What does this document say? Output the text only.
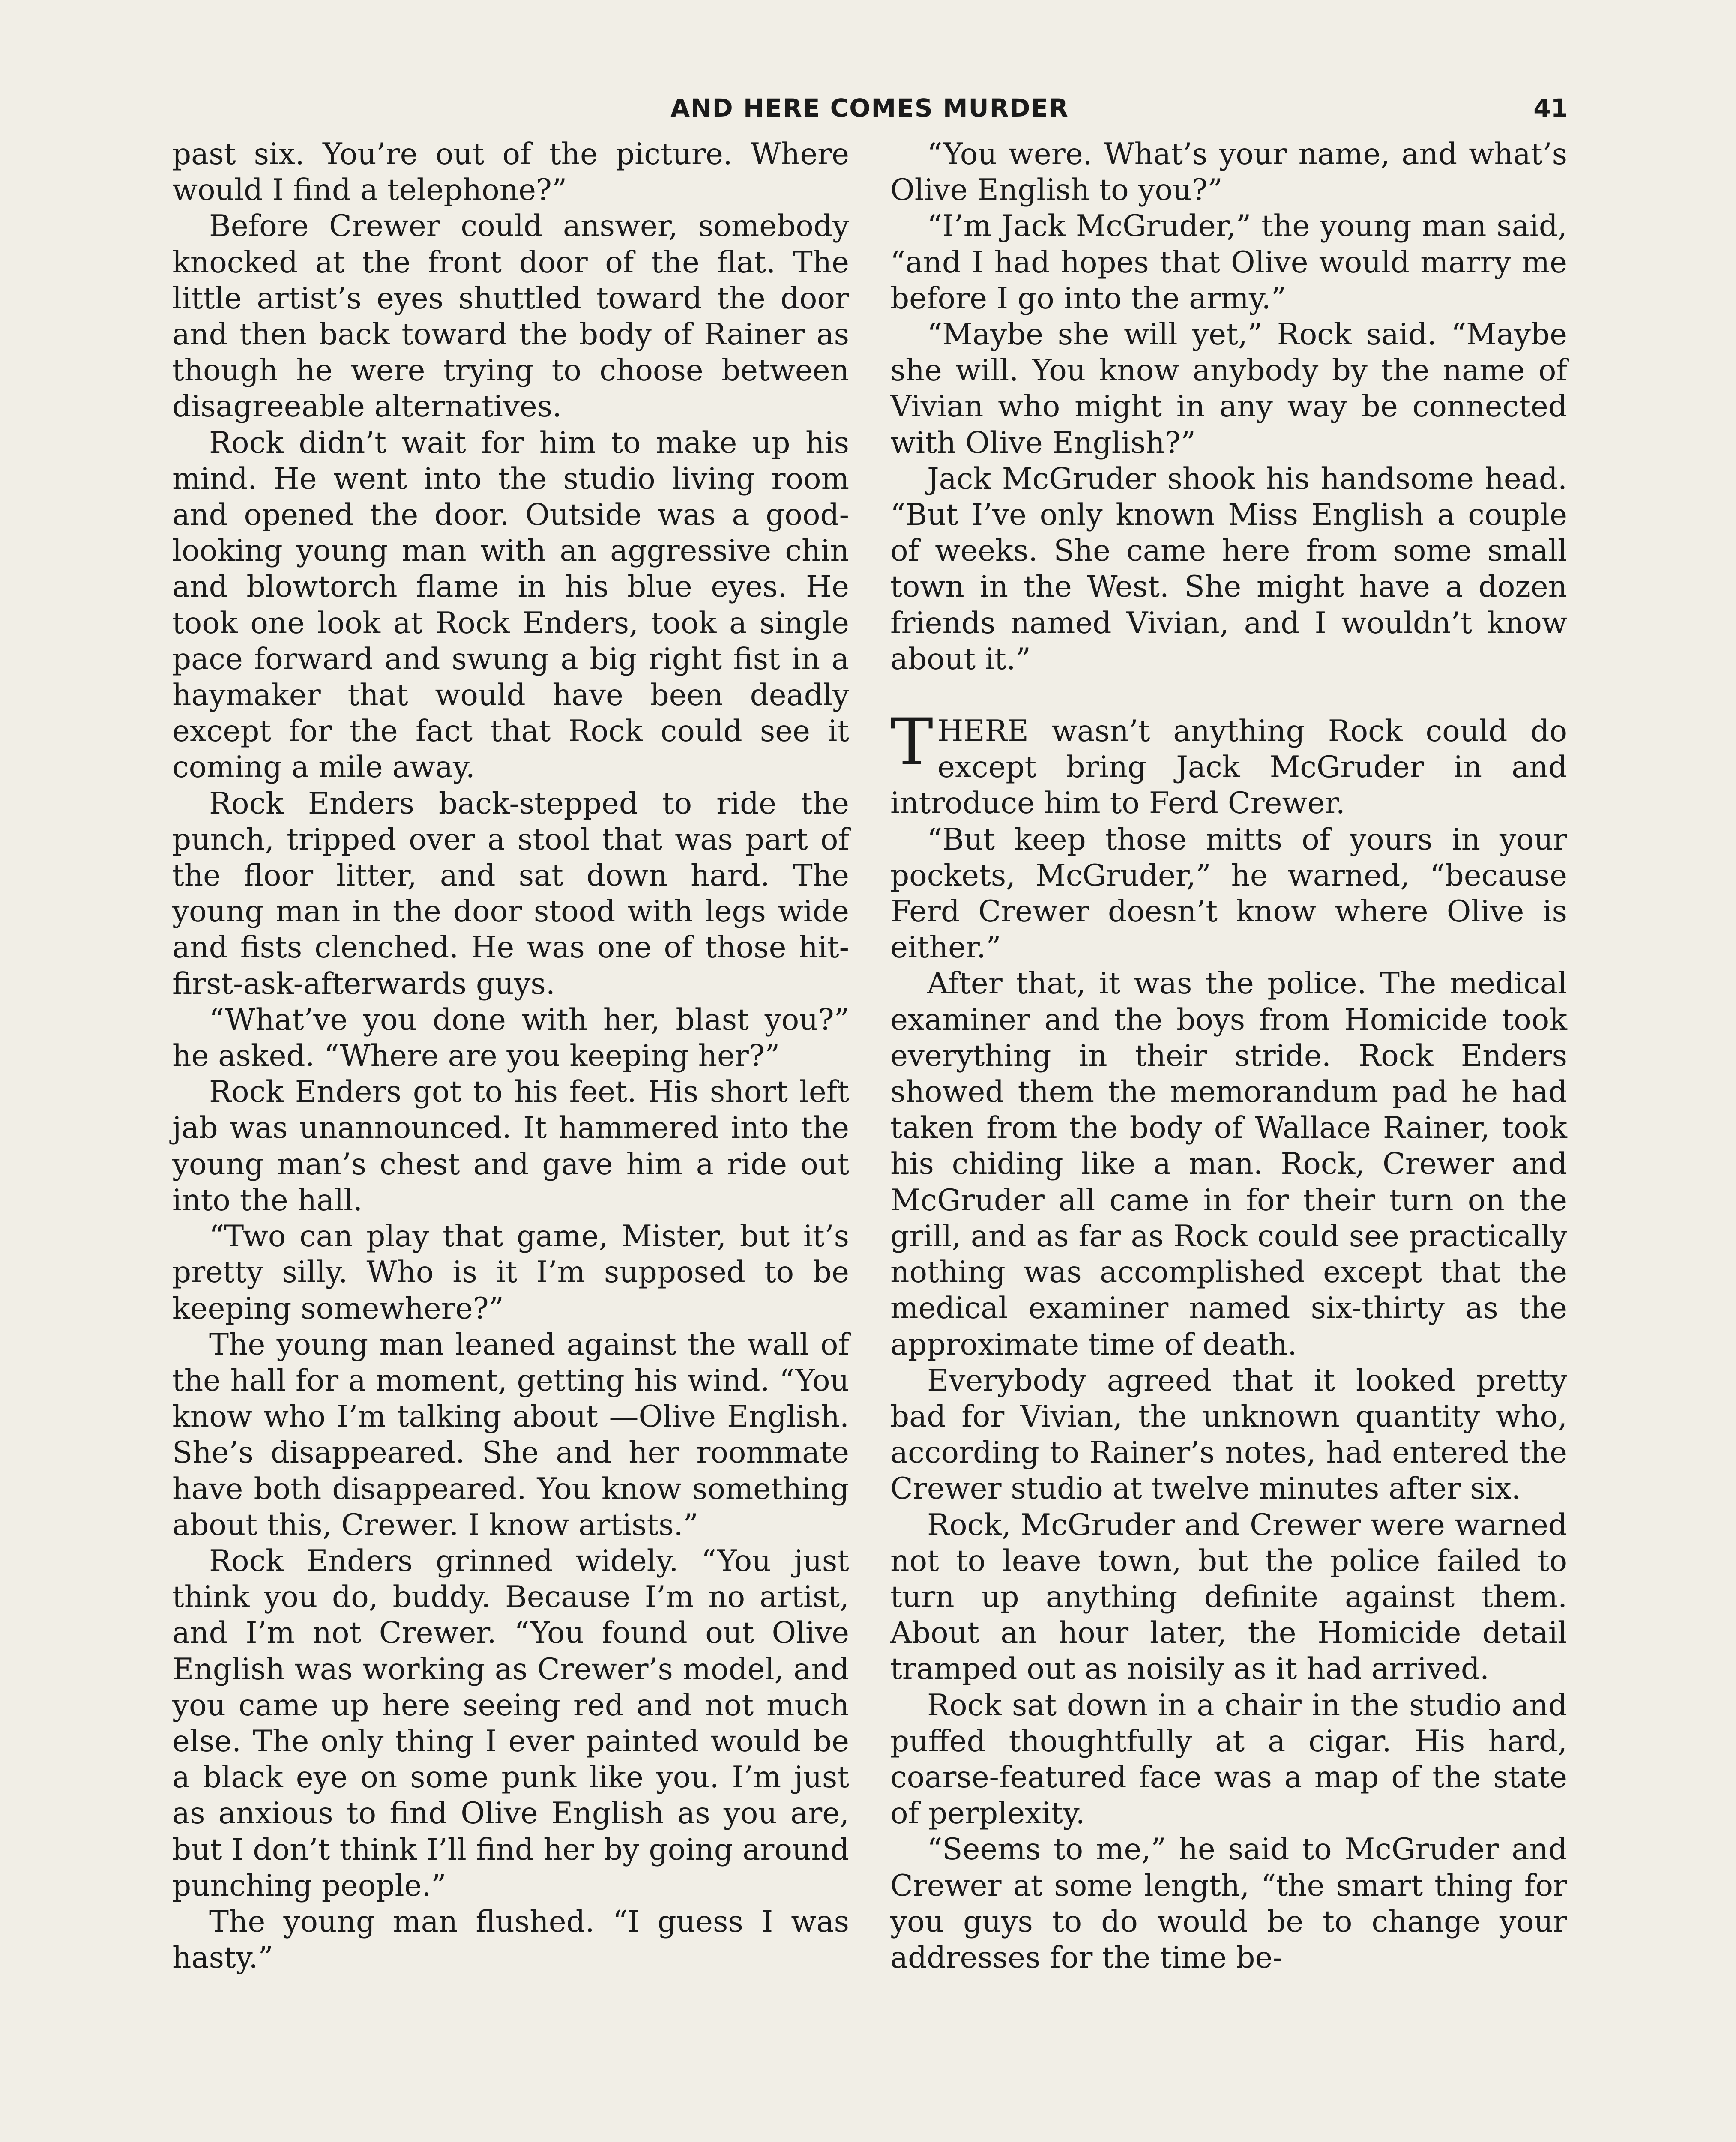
AND HERE COMES MURDER	41

past six. You’re out of the picture. Where would I find a telephone?”

Before Crewer could answer, somebody knocked at the front door of the flat. The little artist’s eyes shuttled toward the door and then back toward the body of Rainer as though he were trying to choose between disagreeable alternatives.

Rock didn’t wait for him to make up his mind. He went into the studio living room and opened the door. Outside was a good-looking young man with an aggressive chin and blowtorch flame in his blue eyes. He took one look at Rock Enders, took a single pace forward and swung a big right fist in a haymaker that would have been deadly except for the fact that Rock could see it coming a mile away.

Rock Enders back-stepped to ride the punch, tripped over a stool that was part of the floor litter, and sat down hard. The young man in the door stood with legs wide and fists clenched. He was one of those hit-first-ask-afterwards guys.

“What’ve you done with her, blast you?” he asked. “Where are you keeping her?”

Rock Enders got to his feet. His short left jab was unannounced. It hammered into the young man’s chest and gave him a ride out into the hall.

“Two can play that game, Mister, but it’s pretty silly. Who is it I’m supposed to be keeping somewhere?”

The young man leaned against the wall of the hall for a moment, getting his wind. “You know who I’m talking about —Olive English. She’s disappeared. She and her roommate have both disappeared. You know something about this, Crewer. I know artists.”

Rock Enders grinned widely. “You just think you do, buddy. Because I’m no artist, and I’m not Crewer. “You found out Olive English was working as Crewer’s model, and you came up here seeing red and not much else. The only thing I ever painted would be a black eye on some punk like you. I’m just as anxious to find Olive English as you are, but I don’t think I’ll find her by going around punching people.”

The young man flushed. “I guess I was hasty.”

“You were. What’s your name, and what’s Olive English to you?”

“I’m Jack McGruder,” the young man said, “and I had hopes that Olive would marry me before I go into the army.”

“Maybe she will yet,” Rock said. “Maybe she will. You know anybody by the name of Vivian who might in any way be connected with Olive English?”

Jack McGruder shook his handsome head. “But I’ve only known Miss English a couple of weeks. She came here from some small town in the West. She might have a dozen friends named Vivian, and I wouldn’t know about it.”

THERE wasn’t anything Rock could do except bring Jack McGruder in and introduce him to Ferd Crewer.

“But keep those mitts of yours in your pockets, McGruder,” he warned, “because Ferd Crewer doesn’t know where Olive is either.”

After that, it was the police. The medical examiner and the boys from Homicide took everything in their stride. Rock Enders showed them the memorandum pad he had taken from the body of Wallace Rainer, took his chiding like a man. Rock, Crewer and McGruder all came in for their turn on the grill, and as far as Rock could see practically nothing was accomplished except that the medical examiner named six-thirty as the approximate time of death.

Everybody agreed that it looked pretty bad for Vivian, the unknown quantity who, according to Rainer’s notes, had entered the Crewer studio at twelve minutes after six.

Rock, McGruder and Crewer were warned not to leave town, but the police failed to turn up anything definite against them. About an hour later, the Homicide detail tramped out as noisily as it had arrived.

Rock sat down in a chair in the studio and puffed thoughtfully at a cigar. His hard, coarse-featured face was a map of the state of perplexity.

“Seems to me,” he said to McGruder and Crewer at some length, “the smart thing for you guys to do would be to change your addresses for the time be-
